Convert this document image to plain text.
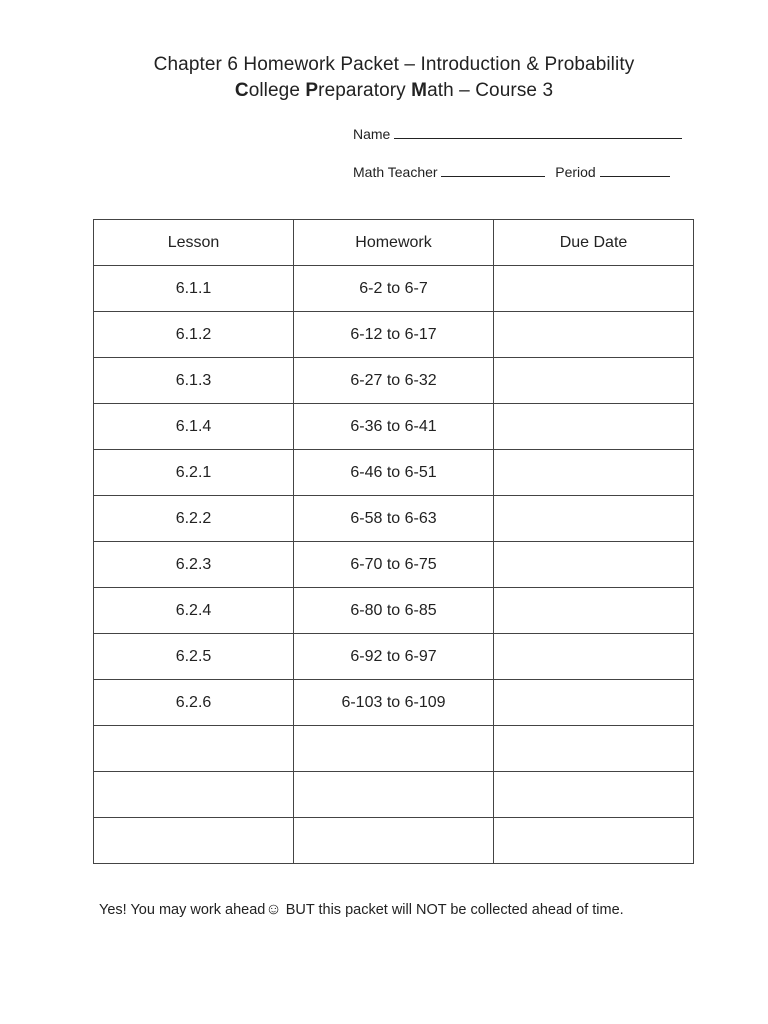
Chapter 6 Homework Packet – Introduction & Probability
College Preparatory Math – Course 3
Name
Math Teacher	Period
Lesson	Homework	Due Date
6.1.1	6-2 to 6-7	
6.1.2	6-12 to 6-17	
6.1.3	6-27 to 6-32	
6.1.4	6-36 to 6-41	
6.2.1	6-46 to 6-51	
6.2.2	6-58 to 6-63	
6.2.3	6-70 to 6-75	
6.2.4	6-80 to 6-85	
6.2.5	6-92 to 6-97	
6.2.6	6-103 to 6-109	

Yes! You may work ahead☺ BUT this packet will NOT be collected ahead of time.
